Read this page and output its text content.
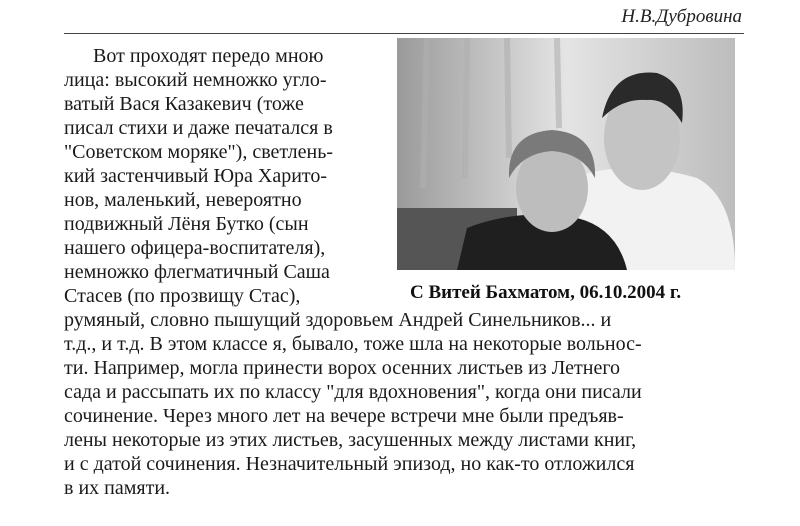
Н.В.Дубровина
С Витей Бахматом, 06.10.2004 г.
Вот проходят передо мною
лица: высокий немножко угло-
ватый Вася Казакевич (тоже
писал стихи и даже печатался в
"Советском моряке"), светлень-
кий застенчивый Юра Харито-
нов, маленький, невероятно
подвижный Лёня Бутко (сын
нашего офицера-воспитателя),
немножко флегматичный Саша
Стасев (по прозвищу Стас),
румяный, словно пышущий здоровьем Андрей Синельников... и
т.д., и т.д. В этом классе я, бывало, тоже шла на некоторые вольнос-
ти. Например, могла принести ворох осенних листьев из Летнего
сада и рассыпать их по классу "для вдохновения", когда они писали
сочинение. Через много лет на вечере встречи мне были предъяв-
лены некоторые из этих листьев, засушенных между листами книг,
и с датой сочинения. Незначительный эпизод, но как-то отложился
в их памяти.
